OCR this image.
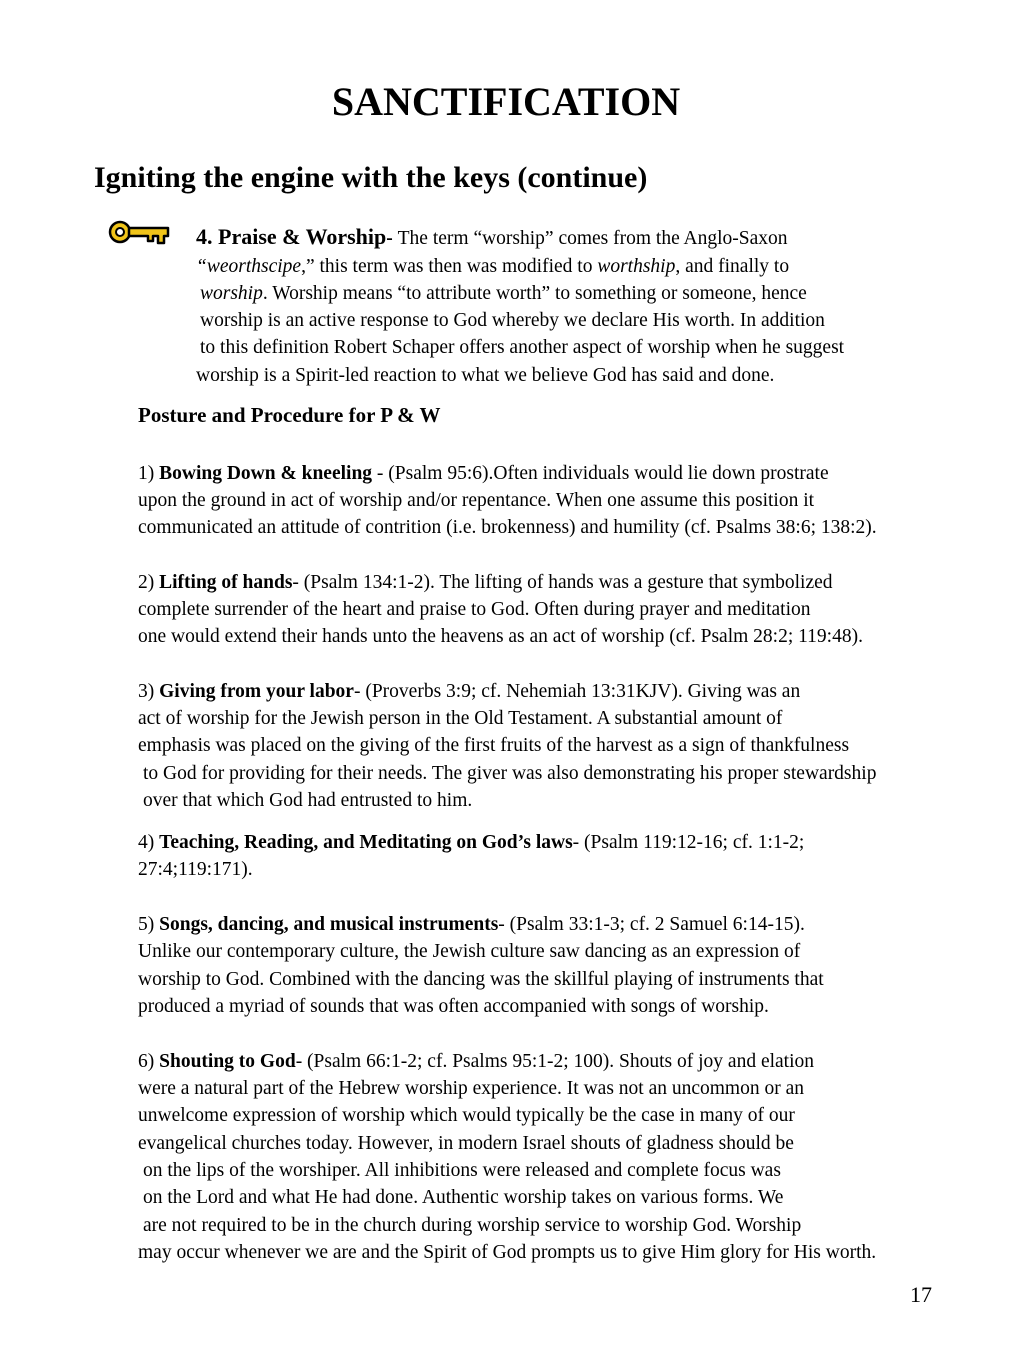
SANCTIFICATION
Igniting the engine with the keys (continue)
4. Praise & Worship- The term “worship” comes from the Anglo-Saxon
“weorthscipe,” this term was then was modified to worthship, and finally to
worship. Worship means “to attribute worth” to something or someone, hence
worship is an active response to God whereby we declare His worth. In addition
to this definition Robert Schaper offers another aspect of worship when he suggest
worship is a Spirit-led reaction to what we believe God has said and done.
Posture and Procedure for P & W
1) Bowing Down & kneeling - (Psalm 95:6).Often individuals would lie down prostrate
upon the ground in act of worship and/or repentance. When one assume this position it
communicated an attitude of contrition (i.e. brokenness) and humility (cf. Psalms 38:6; 138:2).
2) Lifting of hands- (Psalm 134:1-2). The lifting of hands was a gesture that symbolized
complete surrender of the heart and praise to God. Often during prayer and meditation
one would extend their hands unto the heavens as an act of worship (cf. Psalm 28:2; 119:48).
3) Giving from your labor- (Proverbs 3:9; cf. Nehemiah 13:31KJV). Giving was an
act of worship for the Jewish person in the Old Testament. A substantial amount of
emphasis was placed on the giving of the first fruits of the harvest as a sign of thankfulness
to God for providing for their needs. The giver was also demonstrating his proper stewardship
over that which God had entrusted to him.
4) Teaching, Reading, and Meditating on God’s laws- (Psalm 119:12-16; cf. 1:1-2;
27:4;119:171).
5) Songs, dancing, and musical instruments- (Psalm 33:1-3; cf. 2 Samuel 6:14-15).
Unlike our contemporary culture, the Jewish culture saw dancing as an expression of
worship to God. Combined with the dancing was the skillful playing of instruments that
produced a myriad of sounds that was often accompanied with songs of worship.
6) Shouting to God- (Psalm 66:1-2; cf. Psalms 95:1-2; 100). Shouts of joy and elation
were a natural part of the Hebrew worship experience. It was not an uncommon or an
unwelcome expression of worship which would typically be the case in many of our
evangelical churches today. However, in modern Israel shouts of gladness should be
on the lips of the worshiper. All inhibitions were released and complete focus was
on the Lord and what He had done. Authentic worship takes on various forms. We
are not required to be in the church during worship service to worship God. Worship
may occur whenever we are and the Spirit of God prompts us to give Him glory for His worth.
17
